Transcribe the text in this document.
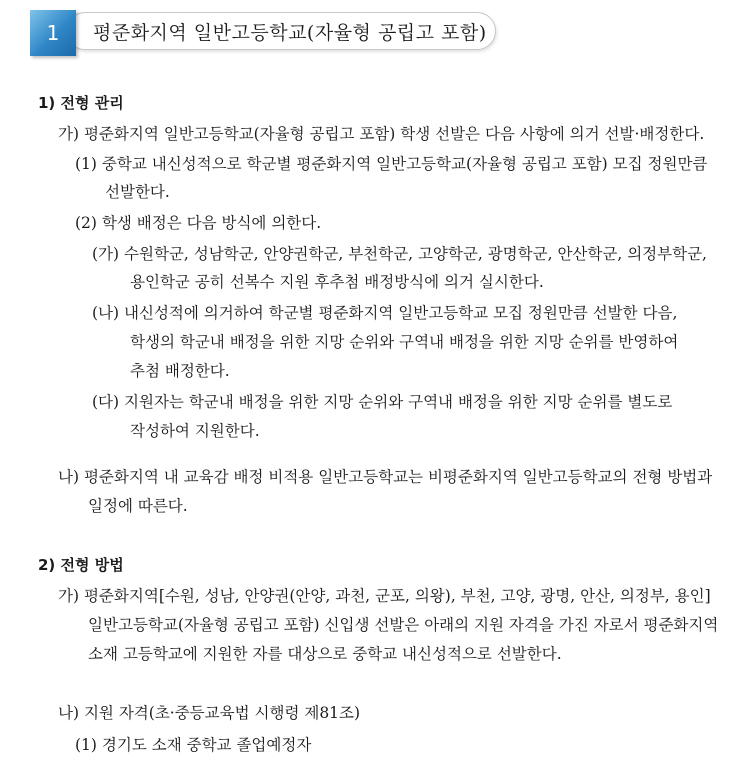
1	평준화지역 일반고등학교(자율형 공립고 포함)
1) 전형 관리
가) 평준화지역 일반고등학교(자율형 공립고 포함) 학생 선발은 다음 사항에 의거 선발·배정한다.
(1) 중학교 내신성적으로 학군별 평준화지역 일반고등학교(자율형 공립고 포함) 모집 정원만큼
선발한다.
(2) 학생 배정은 다음 방식에 의한다.
(가) 수원학군, 성남학군, 안양권학군, 부천학군, 고양학군, 광명학군, 안산학군, 의정부학군,
용인학군 공히 선복수 지원 후추첨 배정방식에 의거 실시한다.
(나) 내신성적에 의거하여 학군별 평준화지역 일반고등학교 모집 정원만큼 선발한 다음,
학생의 학군내 배정을 위한 지망 순위와 구역내 배정을 위한 지망 순위를 반영하여
추첨 배정한다.
(다) 지원자는 학군내 배정을 위한 지망 순위와 구역내 배정을 위한 지망 순위를 별도로
작성하여 지원한다.
나) 평준화지역 내 교육감 배정 비적용 일반고등학교는 비평준화지역 일반고등학교의 전형 방법과
일정에 따른다.
2) 전형 방법
가) 평준화지역[수원, 성남, 안양권(안양, 과천, 군포, 의왕), 부천, 고양, 광명, 안산, 의정부, 용인]
일반고등학교(자율형 공립고 포함) 신입생 선발은 아래의 지원 자격을 가진 자로서 평준화지역
소재 고등학교에 지원한 자를 대상으로 중학교 내신성적으로 선발한다.
나) 지원 자격(초·중등교육법 시행령 제81조)
(1) 경기도 소재 중학교 졸업예정자
